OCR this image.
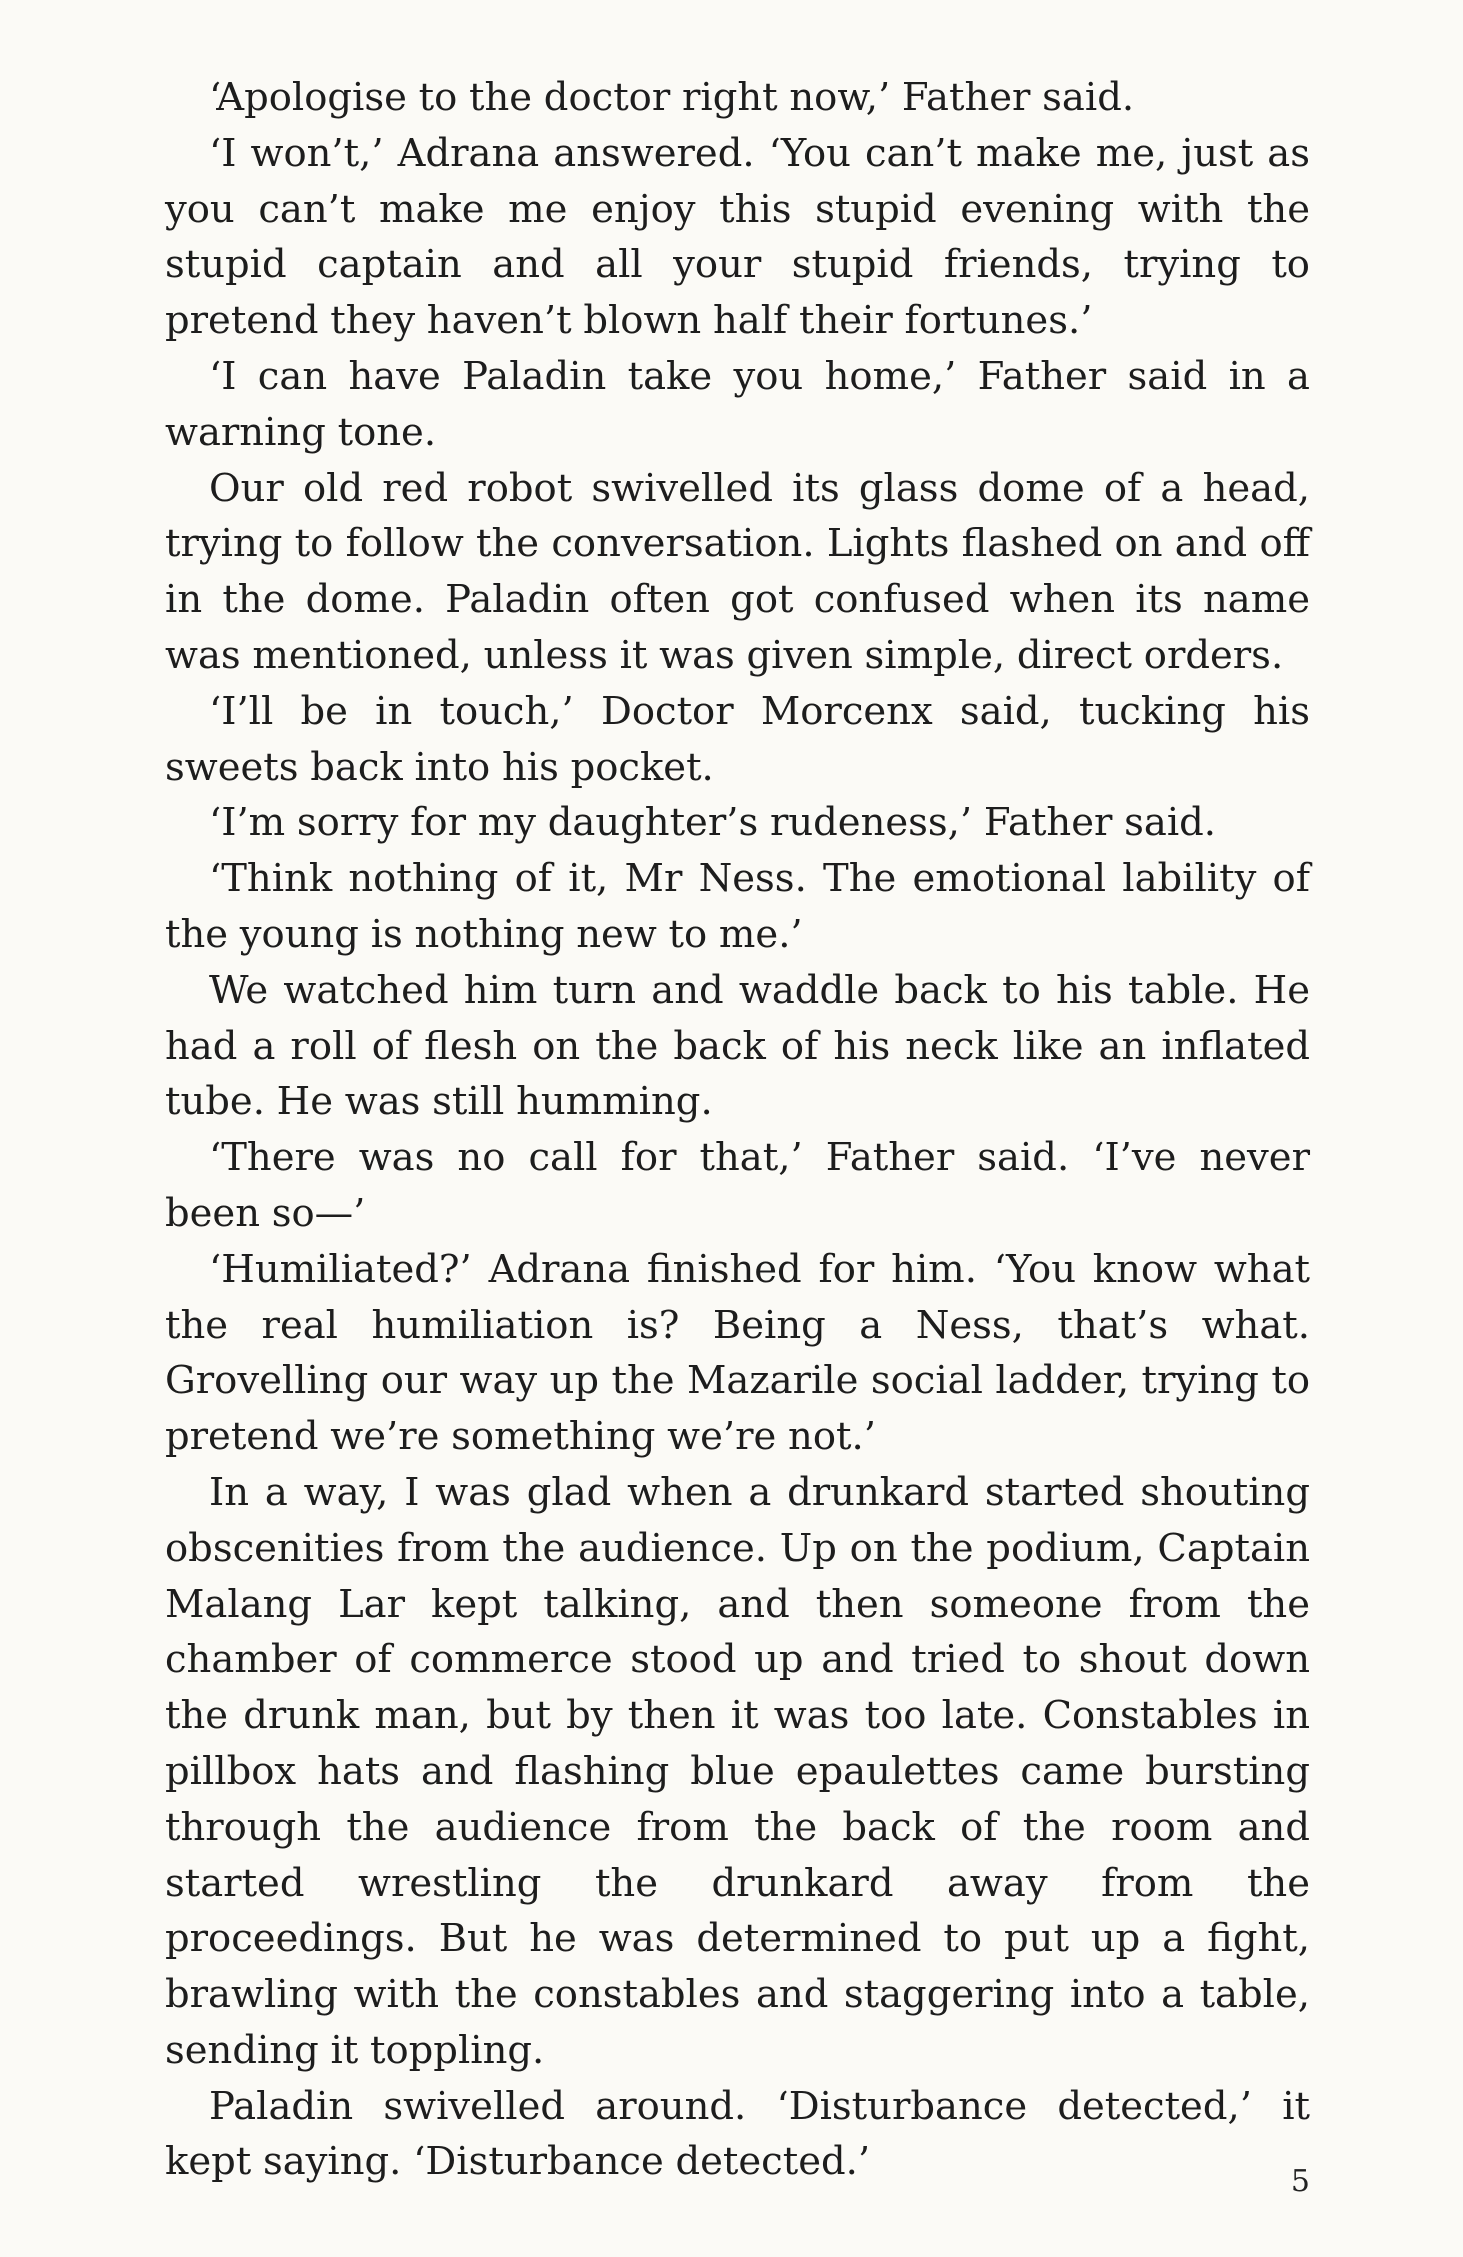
‘Apologise to the doctor right now,’ Father said.

‘I won’t,’ Adrana answered. ‘You can’t make me, just as you can’t make me enjoy this stupid evening with the stupid captain and all your stupid friends, trying to pretend they haven’t blown half their fortunes.’

‘I can have Paladin take you home,’ Father said in a warning tone.

Our old red robot swivelled its glass dome of a head, trying to follow the conversation. Lights flashed on and off in the dome. Paladin often got confused when its name was mentioned, unless it was given simple, direct orders.

‘I’ll be in touch,’ Doctor Morcenx said, tucking his sweets back into his pocket.

‘I’m sorry for my daughter’s rudeness,’ Father said.

‘Think nothing of it, Mr Ness. The emotional lability of the young is nothing new to me.’

We watched him turn and waddle back to his table. He had a roll of flesh on the back of his neck like an inflated tube. He was still humming.

‘There was no call for that,’ Father said. ‘I’ve never been so—’

‘Humiliated?’ Adrana finished for him. ‘You know what the real humiliation is? Being a Ness, that’s what. Grovelling our way up the Mazarile social ladder, trying to pretend we’re something we’re not.’

In a way, I was glad when a drunkard started shouting obscenities from the audience. Up on the podium, Captain Malang Lar kept talking, and then someone from the chamber of commerce stood up and tried to shout down the drunk man, but by then it was too late. Constables in pillbox hats and flashing blue epaulettes came bursting through the audience from the back of the room and started wrestling the drunkard away from the proceedings. But he was determined to put up a fight, brawling with the constables and staggering into a table, sending it toppling.

Paladin swivelled around. ‘Disturbance detected,’ it kept saying. ‘Disturbance detected.’	5
